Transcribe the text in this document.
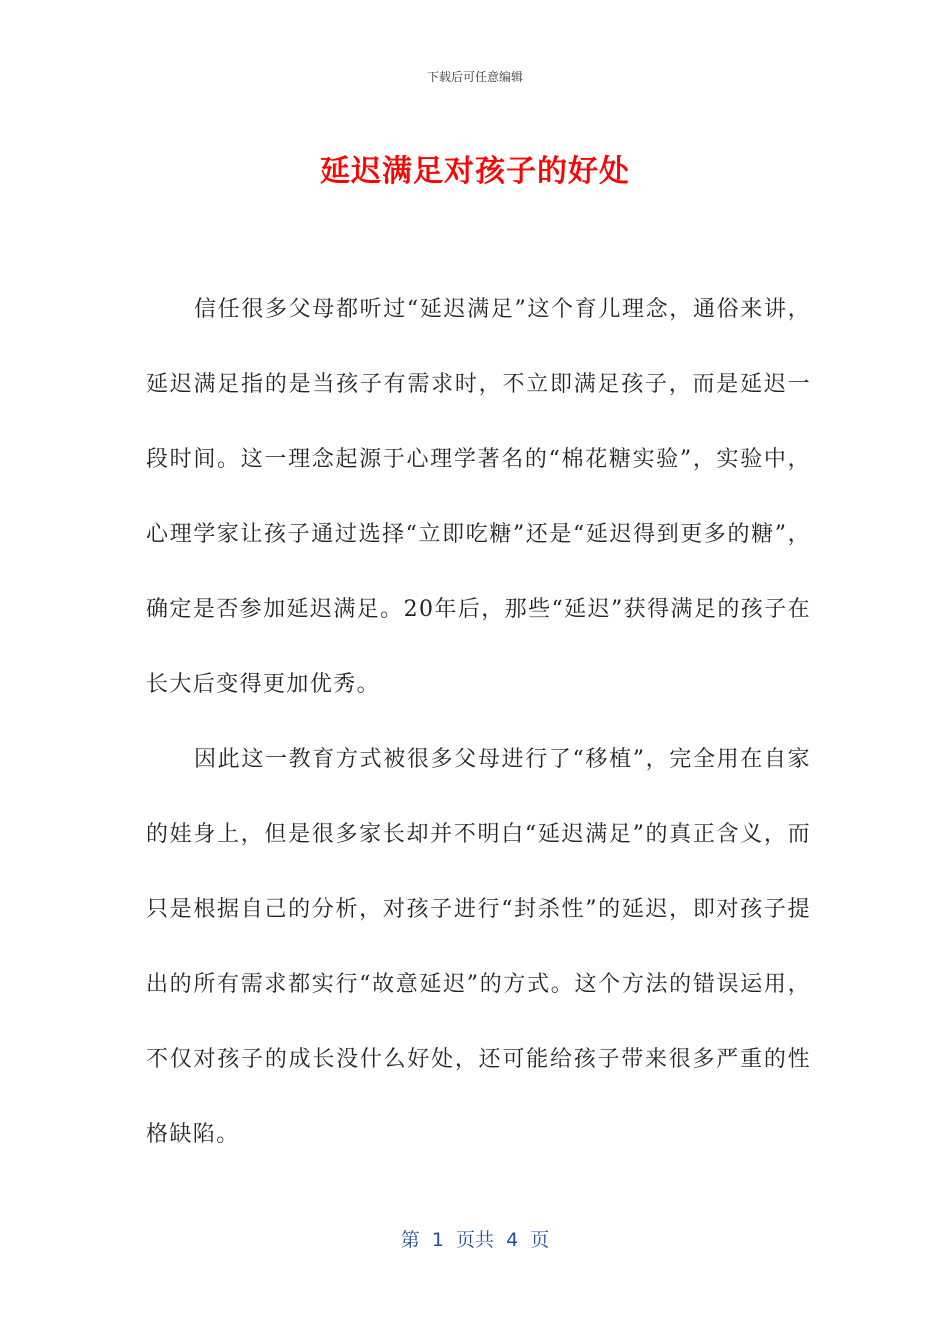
下载后可任意编辑
延迟满足对孩子的好处

信任很多父母都听过“延迟满足”这个育儿理念，通俗来讲，延迟满足指的是当孩子有需求时，不立即满足孩子，而是延迟一段时间。这一理念起源于心理学著名的“棉花糖实验”，实验中，心理学家让孩子通过选择“立即吃糖”还是“延迟得到更多的糖”，确定是否参加延迟满足。20年后，那些“延迟”获得满足的孩子在长大后变得更加优秀。

因此这一教育方式被很多父母进行了“移植”，完全用在自家的娃身上，但是很多家长却并不明白“延迟满足”的真正含义，而只是根据自己的分析，对孩子进行“封杀性”的延迟，即对孩子提出的所有需求都实行“故意延迟”的方式。这个方法的错误运用，不仅对孩子的成长没什么好处，还可能给孩子带来很多严重的性格缺陷。

第  1  页共  4  页
